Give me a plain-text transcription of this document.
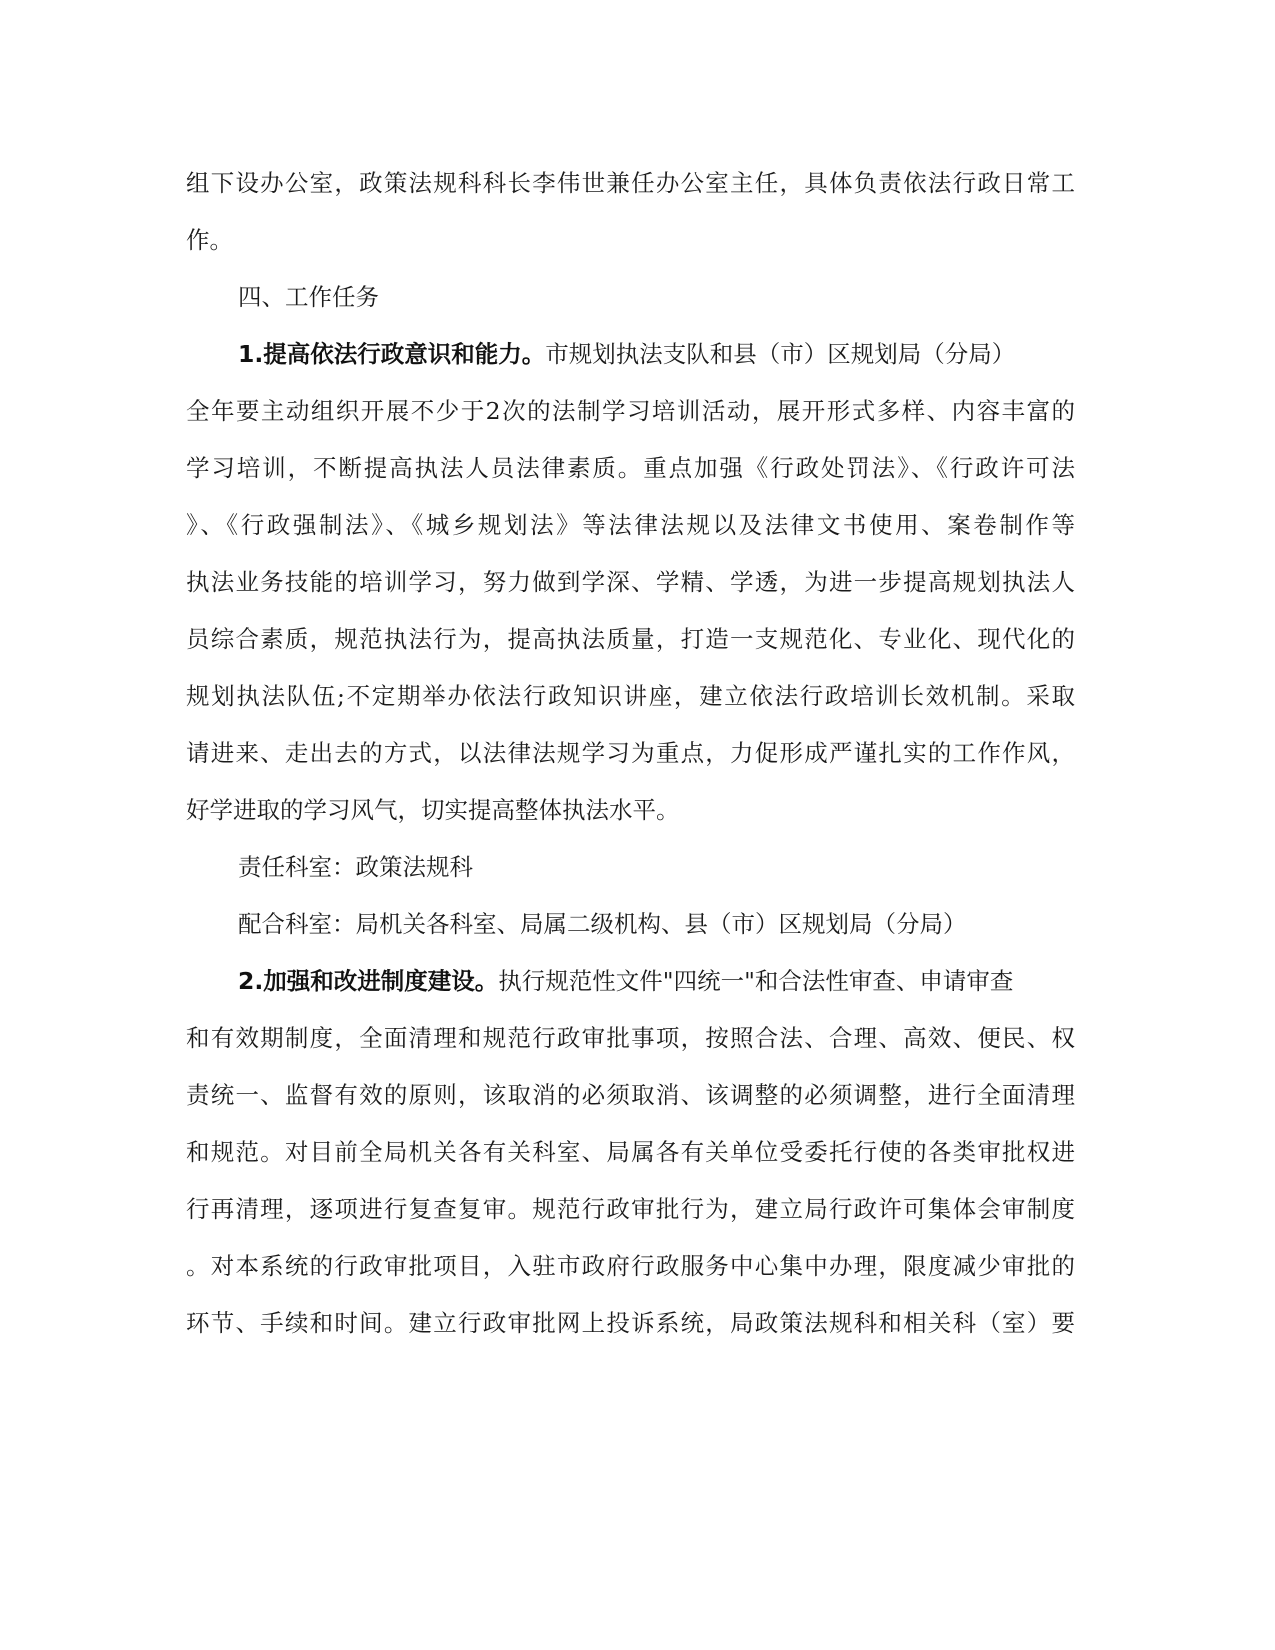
组下设办公室，政策法规科科长李伟世兼任办公室主任，具体负责依法行政日常工
作。
四、工作任务
1.提高依法行政意识和能力。市规划执法支队和县（市）区规划局（分局）
全年要主动组织开展不少于2次的法制学习培训活动，展开形式多样、内容丰富的
学习培训，不断提高执法人员法律素质。重点加强《行政处罚法》、《行政许可法
》、《行政强制法》、《城乡规划法》等法律法规以及法律文书使用、案卷制作等
执法业务技能的培训学习，努力做到学深、学精、学透，为进一步提高规划执法人
员综合素质，规范执法行为，提高执法质量，打造一支规范化、专业化、现代化的
规划执法队伍;不定期举办依法行政知识讲座，建立依法行政培训长效机制。采取
请进来、走出去的方式，以法律法规学习为重点，力促形成严谨扎实的工作作风，
好学进取的学习风气，切实提高整体执法水平。
责任科室：政策法规科
配合科室：局机关各科室、局属二级机构、县（市）区规划局（分局）
2.加强和改进制度建设。执行规范性文件"四统一"和合法性审查、申请审查
和有效期制度，全面清理和规范行政审批事项，按照合法、合理、高效、便民、权
责统一、监督有效的原则，该取消的必须取消、该调整的必须调整，进行全面清理
和规范。对目前全局机关各有关科室、局属各有关单位受委托行使的各类审批权进
行再清理，逐项进行复查复审。规范行政审批行为，建立局行政许可集体会审制度
。对本系统的行政审批项目，入驻市政府行政服务中心集中办理，限度减少审批的
环节、手续和时间。建立行政审批网上投诉系统，局政策法规科和相关科（室）要
